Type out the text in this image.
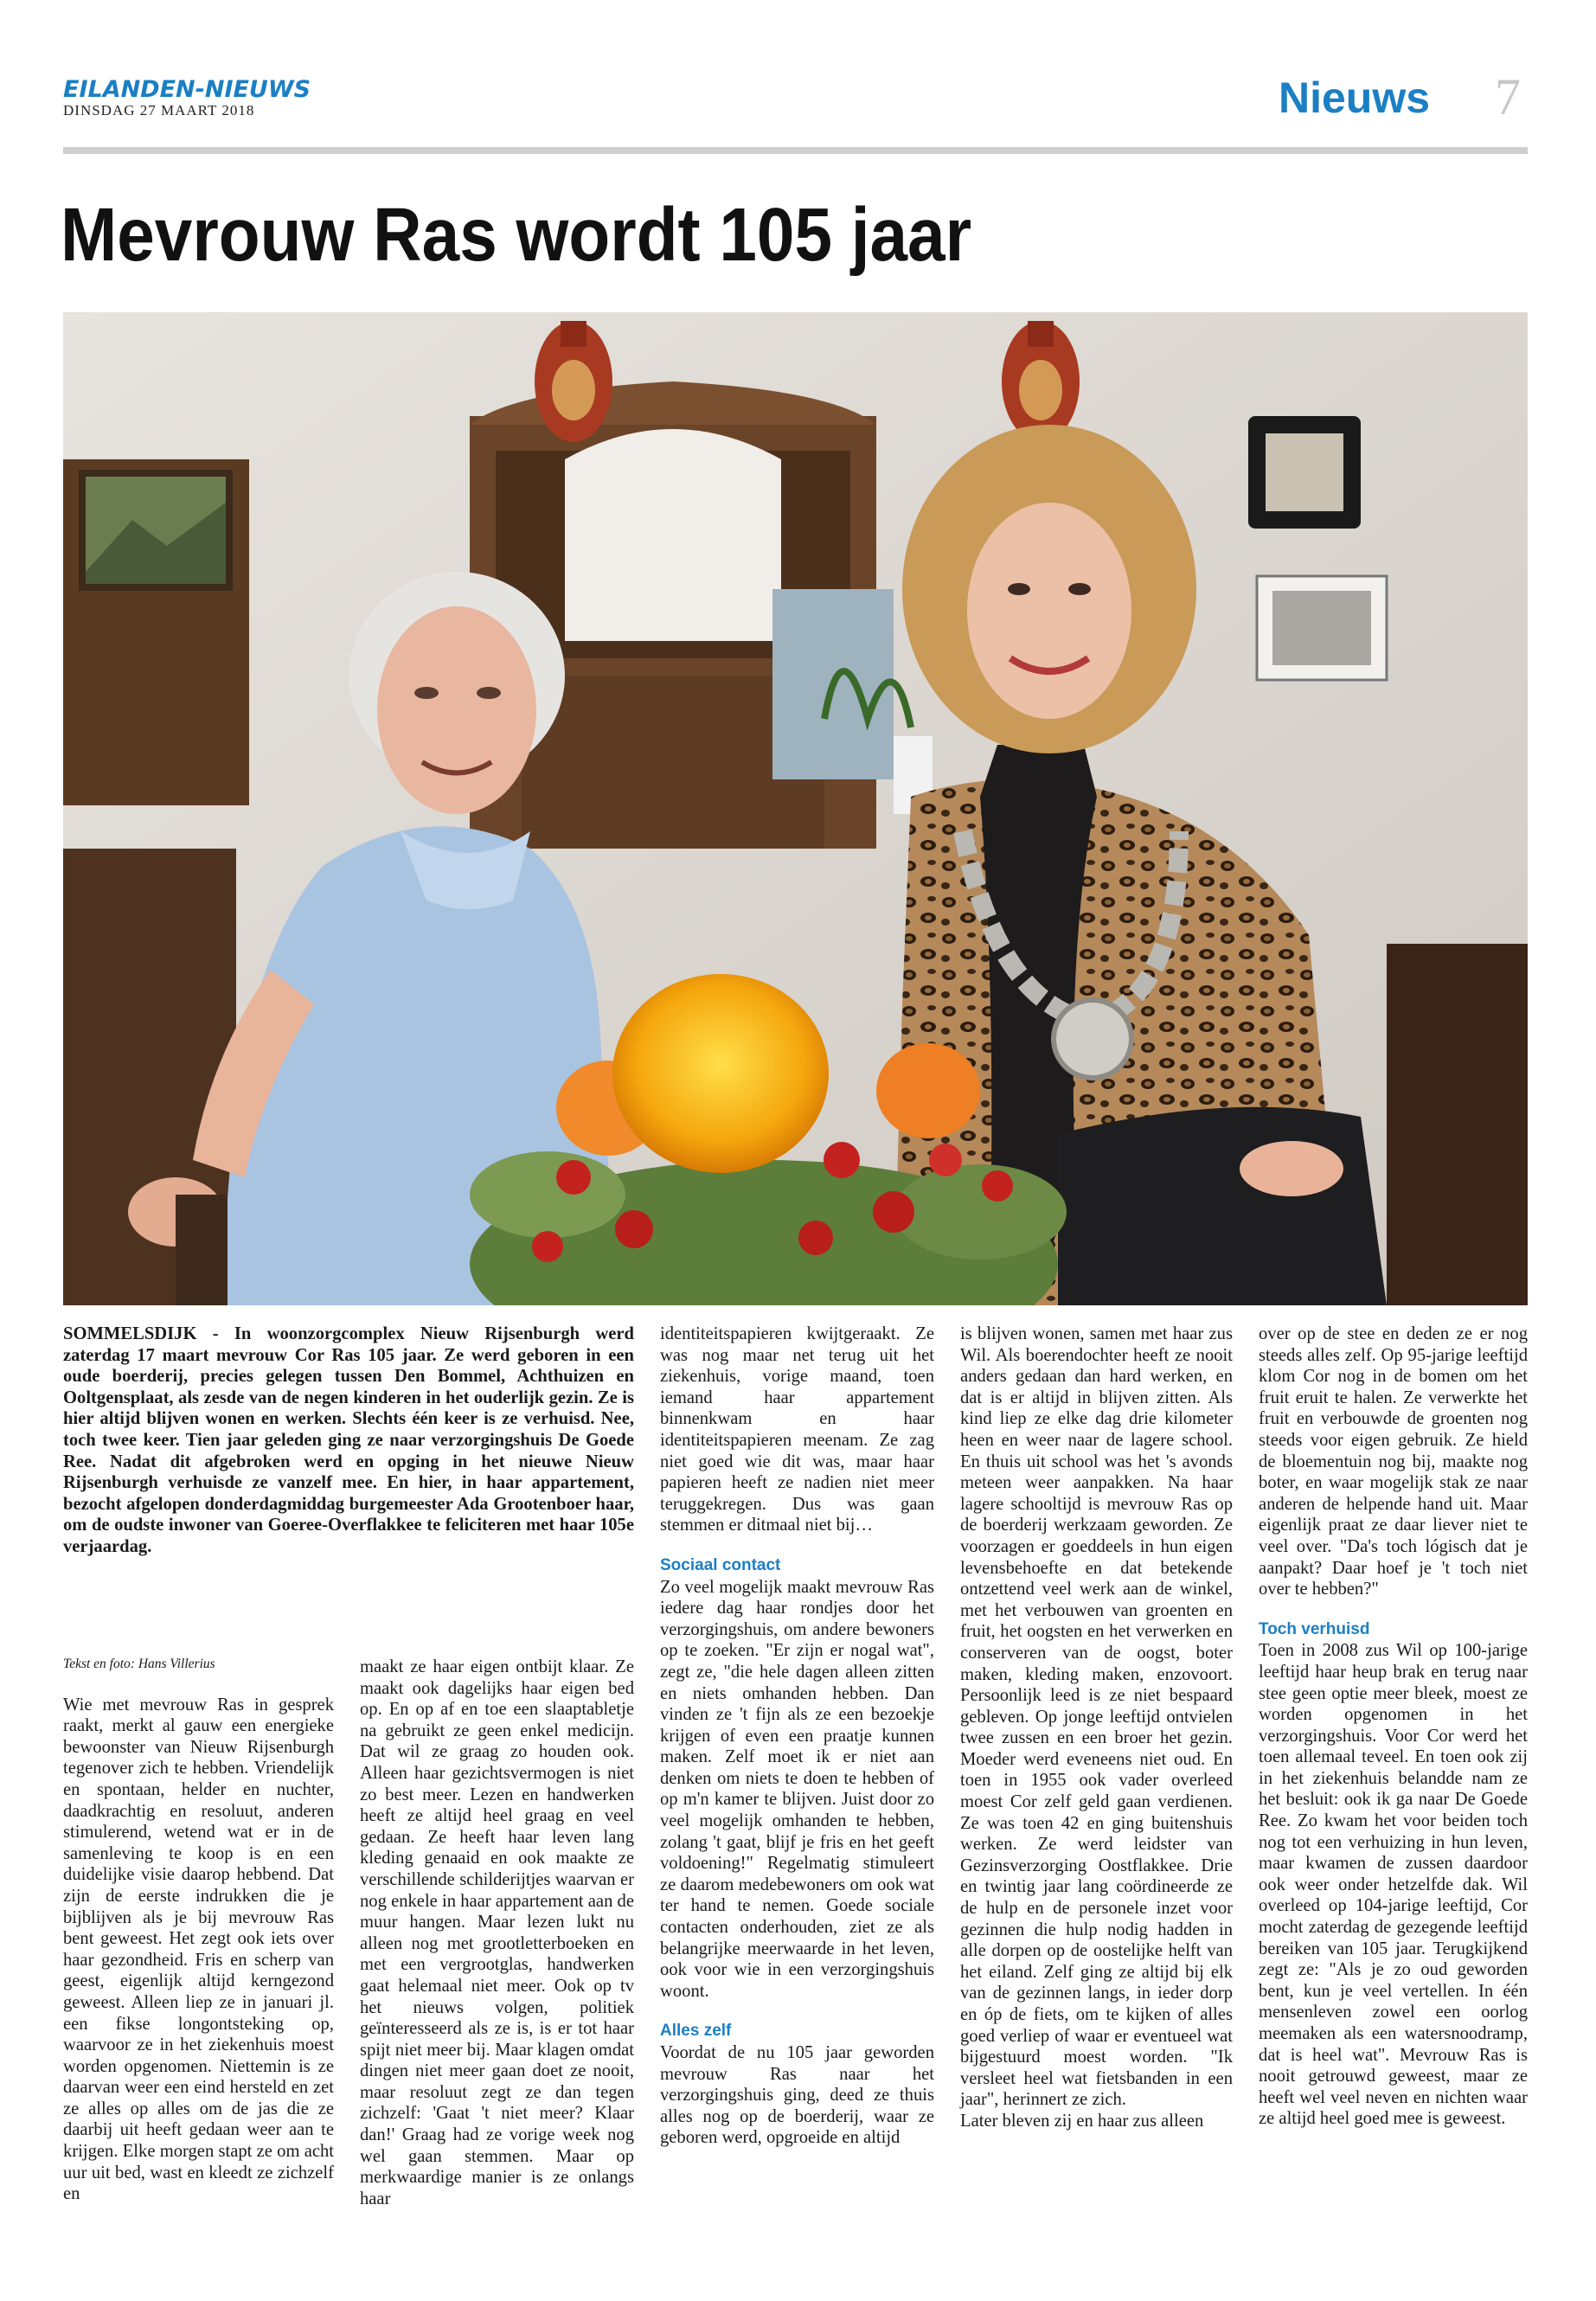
EILANDEN-NIEUWS
DINSDAG 27 MAART 2018	Nieuws 7
Mevrouw Ras wordt 105 jaar

SOMMELSDIJK - In woonzorgcomplex Nieuw Rijsenburgh werd zaterdag 17 maart mevrouw Cor Ras 105 jaar. Ze werd geboren in een oude boerderij, precies gelegen tussen Den Bommel, Achthuizen en Ooltgensplaat, als zesde van de negen kinderen in het ouderlijk gezin. Ze is hier altijd blijven wonen en werken. Slechts één keer is ze verhuisd. Nee, toch twee keer. Tien jaar geleden ging ze naar verzorgingshuis De Goede Ree. Nadat dit afgebroken werd en opging in het nieuwe Nieuw Rijsenburgh verhuisde ze vanzelf mee. En hier, in haar appartement, bezocht afgelopen donderdagmiddag burgemeester Ada Grootenboer haar, om de oudste inwoner van Goeree-Overflakkee te feliciteren met haar 105e verjaardag.

Tekst en foto: Hans Villerius

Wie met mevrouw Ras in gesprek raakt, merkt al gauw een energieke bewoonster van Nieuw Rijsenburgh tegenover zich te hebben. Vriendelijk en spontaan, helder en nuchter, daadkrachtig en resoluut, anderen stimulerend, wetend wat er in de samenleving te koop is en een duidelijke visie daarop hebbend. Dat zijn de eerste indrukken die je bijblijven als je bij mevrouw Ras bent geweest. Het zegt ook iets over haar gezondheid. Fris en scherp van geest, eigenlijk altijd kerngezond geweest. Alleen liep ze in januari jl. een fikse longontsteking op, waarvoor ze in het ziekenhuis moest worden opgenomen. Niettemin is ze daarvan weer een eind hersteld en zet ze alles op alles om de jas die ze daarbij uit heeft gedaan weer aan te krijgen. Elke morgen stapt ze om acht uur uit bed, wast en kleedt ze zichzelf en

maakt ze haar eigen ontbijt klaar. Ze maakt ook dagelijks haar eigen bed op. En op af en toe een slaaptabletje na gebruikt ze geen enkel medicijn. Dat wil ze graag zo houden ook. Alleen haar gezichtsvermogen is niet zo best meer. Lezen en handwerken heeft ze altijd heel graag en veel gedaan. Ze heeft haar leven lang kleding genaaid en ook maakte ze verschillende schilderijtjes waarvan er nog enkele in haar appartement aan de muur hangen. Maar lezen lukt nu alleen nog met grootletterboeken en met een vergrootglas, handwerken gaat helemaal niet meer. Ook op tv het nieuws volgen, politiek geïnteresseerd als ze is, is er tot haar spijt niet meer bij. Maar klagen omdat dingen niet meer gaan doet ze nooit, maar resoluut zegt ze dan tegen zichzelf: 'Gaat 't niet meer? Klaar dan!' Graag had ze vorige week nog wel gaan stemmen. Maar op merkwaardige manier is ze onlangs haar

identiteitspapieren kwijtgeraakt. Ze was nog maar net terug uit het ziekenhuis, vorige maand, toen iemand haar appartement binnenkwam en haar identiteitspapieren meenam. Ze zag niet goed wie dit was, maar haar papieren heeft ze nadien niet meer teruggekregen. Dus was gaan stemmen er ditmaal niet bij…

Sociaal contact

Zo veel mogelijk maakt mevrouw Ras iedere dag haar rondjes door het verzorgingshuis, om andere bewoners op te zoeken. "Er zijn er nogal wat", zegt ze, "die hele dagen alleen zitten en niets omhanden hebben. Dan vinden ze 't fijn als ze een bezoekje krijgen of even een praatje kunnen maken. Zelf moet ik er niet aan denken om niets te doen te hebben of op m'n kamer te blijven. Juist door zo veel mogelijk omhanden te hebben, zolang 't gaat, blijf je fris en het geeft voldoening!" Regelmatig stimuleert ze daarom medebewoners om ook wat ter hand te nemen. Goede sociale contacten onderhouden, ziet ze als belangrijke meerwaarde in het leven, ook voor wie in een verzorgingshuis woont.

Alles zelf

Voordat de nu 105 jaar geworden mevrouw Ras naar het verzorgingshuis ging, deed ze thuis alles nog op de boerderij, waar ze geboren werd, opgroeide en altijd

is blijven wonen, samen met haar zus Wil. Als boerendochter heeft ze nooit anders gedaan dan hard werken, en dat is er altijd in blijven zitten. Als kind liep ze elke dag drie kilometer heen en weer naar de lagere school. En thuis uit school was het 's avonds meteen weer aanpakken. Na haar lagere schooltijd is mevrouw Ras op de boerderij werkzaam geworden. Ze voorzagen er goeddeels in hun eigen levensbehoefte en dat betekende ontzettend veel werk aan de winkel, met het verbouwen van groenten en fruit, het oogsten en het verwerken en conserveren van de oogst, boter maken, kleding maken, enzovoort. Persoonlijk leed is ze niet bespaard gebleven. Op jonge leeftijd ontvielen twee zussen en een broer het gezin. Moeder werd eveneens niet oud. En toen in 1955 ook vader overleed moest Cor zelf geld gaan verdienen. Ze was toen 42 en ging buitenshuis werken. Ze werd leidster van Gezinsverzorging Oostflakkee. Drie en twintig jaar lang coördineerde ze de hulp en de personele inzet voor gezinnen die hulp nodig hadden in alle dorpen op de oostelijke helft van het eiland. Zelf ging ze altijd bij elk van de gezinnen langs, in ieder dorp en óp de fiets, om te kijken of alles goed verliep of waar er eventueel wat bijgestuurd moest worden. "Ik versleet heel wat fietsbanden in een jaar", herinnert ze zich.

Later bleven zij en haar zus alleen

over op de stee en deden ze er nog steeds alles zelf. Op 95-jarige leeftijd klom Cor nog in de bomen om het fruit eruit te halen. Ze verwerkte het fruit en verbouwde de groenten nog steeds voor eigen gebruik. Ze hield de bloementuin nog bij, maakte nog boter, en waar mogelijk stak ze naar anderen de helpende hand uit. Maar eigenlijk praat ze daar liever niet te veel over. "Da's toch lógisch dat je aanpakt? Daar hoef je 't toch niet over te hebben?"

Toch verhuisd

Toen in 2008 zus Wil op 100-jarige leeftijd haar heup brak en terug naar stee geen optie meer bleek, moest ze worden opgenomen in het verzorgingshuis. Voor Cor werd het toen allemaal teveel. En toen ook zij in het ziekenhuis belandde nam ze het besluit: ook ik ga naar De Goede Ree. Zo kwam het voor beiden toch nog tot een verhuizing in hun leven, maar kwamen de zussen daardoor ook weer onder hetzelfde dak. Wil overleed op 104-jarige leeftijd, Cor mocht zaterdag de gezegende leeftijd bereiken van 105 jaar. Terugkijkend zegt ze: "Als je zo oud geworden bent, kun je veel vertellen. In één mensenleven zowel een oorlog meemaken als een watersnoodramp, dat is heel wat". Mevrouw Ras is nooit getrouwd geweest, maar ze heeft wel veel neven en nichten waar ze altijd heel goed mee is geweest.
